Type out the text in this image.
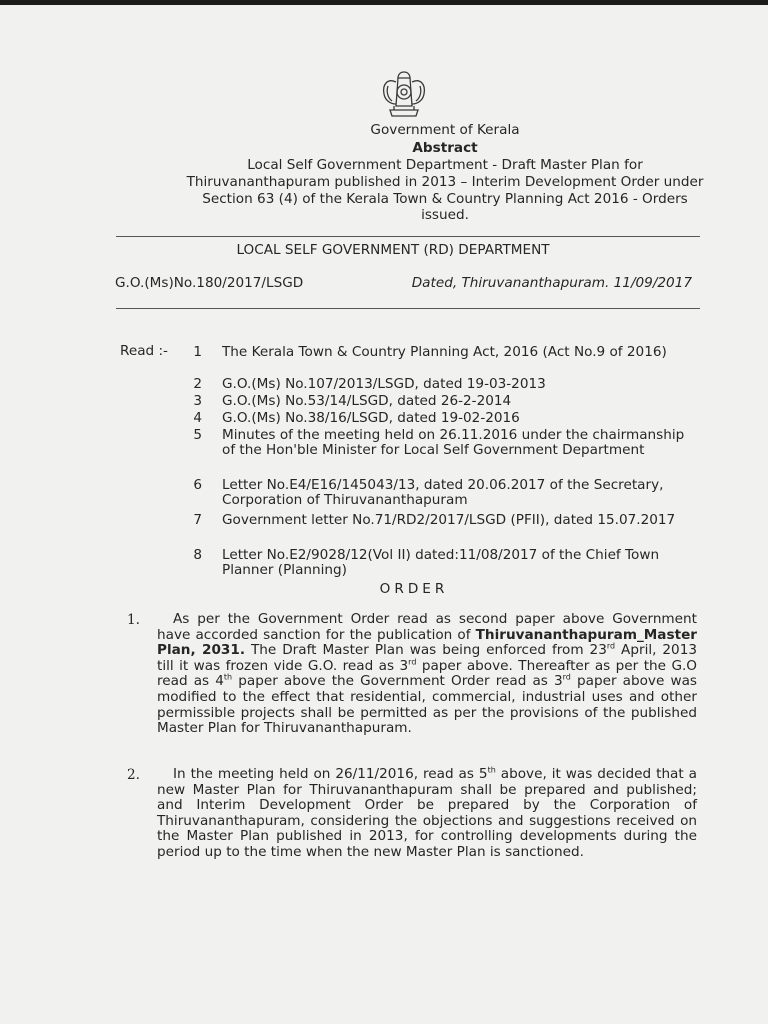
Government of Kerala
Abstract
Local Self Government Department - Draft Master Plan for
Thiruvananthapuram published in 2013 – Interim Development Order under
Section 63 (4) of the Kerala Town & Country Planning Act 2016 - Orders
issued.
LOCAL SELF GOVERNMENT (RD) DEPARTMENT
G.O.(Ms)No.180/2017/LSGD	Dated, Thiruvananthapuram. 11/09/2017
Read :-	1 The Kerala Town & Country Planning Act, 2016 (Act No.9 of 2016)
2 G.O.(Ms) No.107/2013/LSGD, dated 19-03-2013
3 G.O.(Ms) No.53/14/LSGD, dated 26-2-2014
4 G.O.(Ms) No.38/16/LSGD, dated 19-02-2016
5 Minutes of the meeting held on 26.11.2016 under the chairmanship of the Hon'ble Minister for Local Self Government Department
6 Letter No.E4/E16/145043/13, dated 20.06.2017 of the Secretary, Corporation of Thiruvananthapuram
7 Government letter No.71/RD2/2017/LSGD (PFII), dated 15.07.2017
8 Letter No.E2/9028/12(Vol II) dated:11/08/2017 of the Chief Town Planner (Planning)
ORDER
1.	As per the Government Order read as second paper above Government have accorded sanction for the publication of Thiruvananthapuram_Master Plan, 2031. The Draft Master Plan was being enforced from 23rd April, 2013 till it was frozen vide G.O. read as 3rd paper above. Thereafter as per the G.O read as 4th paper above the Government Order read as 3rd paper above was modified to the effect that residential, commercial, industrial uses and other permissible projects shall be permitted as per the provisions of the published Master Plan for Thiruvananthapuram.
2.	In the meeting held on 26/11/2016, read as 5th above, it was decided that a new Master Plan for Thiruvananthapuram shall be prepared and published; and Interim Development Order be prepared by the Corporation of Thiruvananthapuram, considering the objections and suggestions received on the Master Plan published in 2013, for controlling developments during the period up to the time when the new Master Plan is sanctioned.
